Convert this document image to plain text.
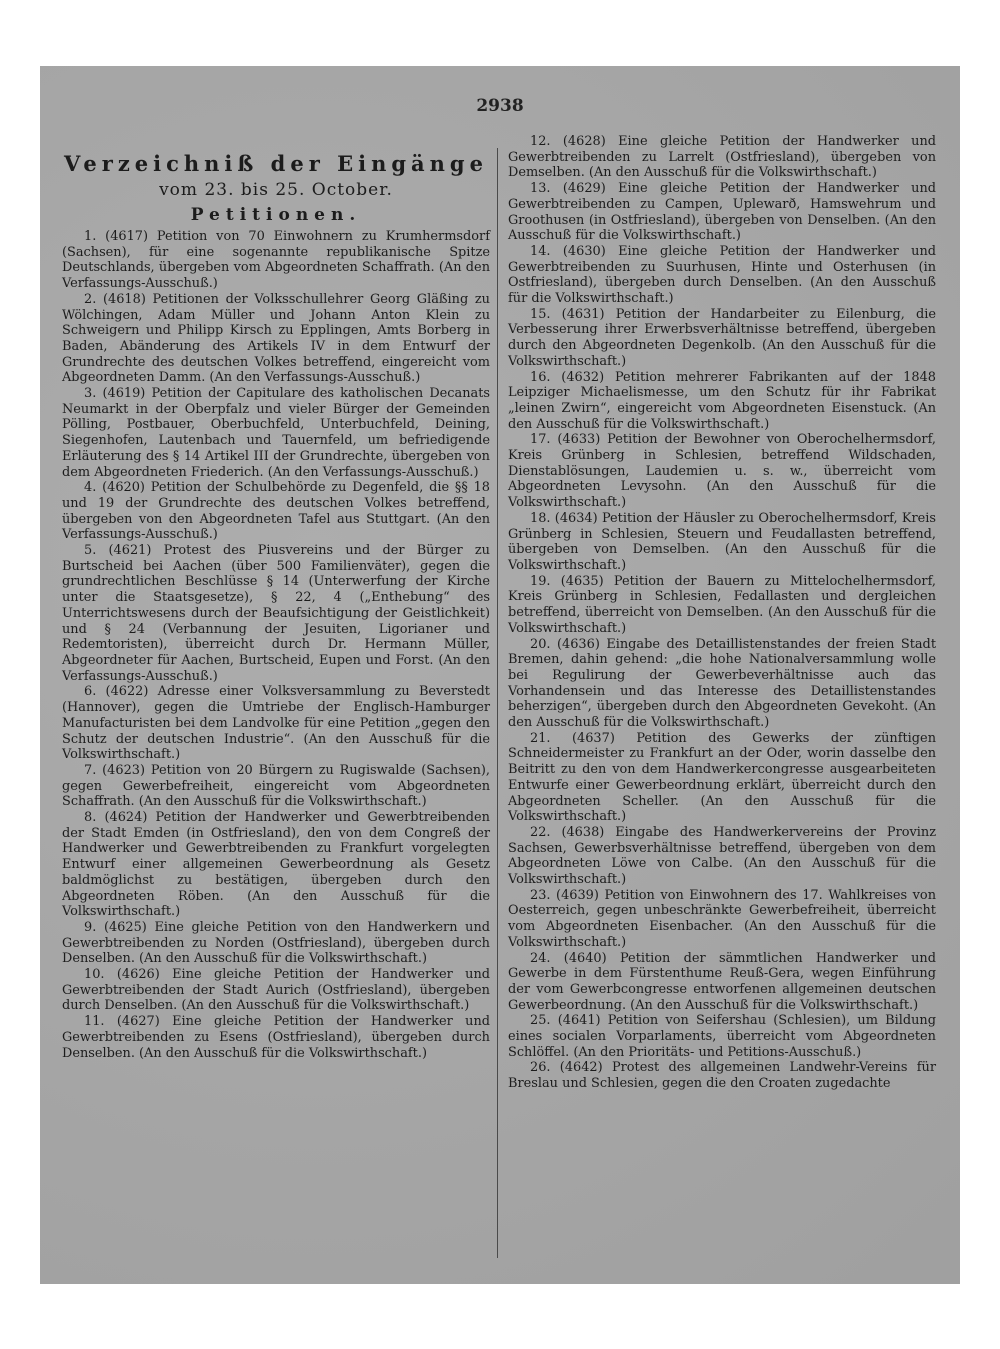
2938
Verzeichniß der Eingänge
vom 23. bis 25. October.
Petitionen.

1. (4617) Petition von 70 Einwohnern zu Krumhermsdorf (Sachsen), für eine sogenannte republikanische Spitze Deutschlands, übergeben vom Abgeordneten Schaffrath. (An den Verfassungs-Ausschuß.)

2. (4618) Petitionen der Volksschullehrer Georg Gläßing zu Wölchingen, Adam Müller und Johann Anton Klein zu Schweigern und Philipp Kirsch zu Epplingen, Amts Borberg in Baden, Abänderung des Artikels IV in dem Entwurf der Grundrechte des deutschen Volkes betreffend, eingereicht vom Abgeordneten Damm. (An den Verfassungs-Ausschuß.)

3. (4619) Petition der Capitulare des katholischen Decanats Neumarkt in der Oberpfalz und vieler Bürger der Gemeinden Pölling, Postbauer, Oberbuchfeld, Unterbuchfeld, Deining, Siegenhofen, Lautenbach und Tauernfeld, um befriedigende Erläuterung des § 14 Artikel III der Grundrechte, übergeben von dem Abgeordneten Friederich. (An den Verfassungs-Ausschuß.)

4. (4620) Petition der Schulbehörde zu Degenfeld, die §§ 18 und 19 der Grundrechte des deutschen Volkes betreffend, übergeben von den Abgeordneten Tafel aus Stuttgart. (An den Verfassungs-Ausschuß.)

5. (4621) Protest des Piusvereins und der Bürger zu Burtscheid bei Aachen (über 500 Familienväter), gegen die grundrechtlichen Beschlüsse § 14 (Unterwerfung der Kirche unter die Staatsgesetze), § 22, 4 („Enthebung“ des Unterrichtswesens durch der Beaufsichtigung der Geistlichkeit) und § 24 (Verbannung der Jesuiten, Ligorianer und Redemtoristen), überreicht durch Dr. Hermann Müller, Abgeordneter für Aachen, Burtscheid, Eupen und Forst. (An den Verfassungs-Ausschuß.)

6. (4622) Adresse einer Volksversammlung zu Beverstedt (Hannover), gegen die Umtriebe der Englisch-Hamburger Manufacturisten bei dem Landvolke für eine Petition „gegen den Schutz der deutschen Industrie“. (An den Ausschuß für die Volkswirthschaft.)

7. (4623) Petition von 20 Bürgern zu Rugiswalde (Sachsen), gegen Gewerbefreiheit, eingereicht vom Abgeordneten Schaffrath. (An den Ausschuß für die Volkswirthschaft.)

8. (4624) Petition der Handwerker und Gewerbtreibenden der Stadt Emden (in Ostfriesland), den von dem Congreß der Handwerker und Gewerbtreibenden zu Frankfurt vorgelegten Entwurf einer allgemeinen Gewerbeordnung als Gesetz baldmöglichst zu bestätigen, übergeben durch den Abgeordneten Röben. (An den Ausschuß für die Volkswirthschaft.)

9. (4625) Eine gleiche Petition von den Handwerkern und Gewerbtreibenden zu Norden (Ostfriesland), übergeben durch Denselben. (An den Ausschuß für die Volkswirthschaft.)

10. (4626) Eine gleiche Petition der Handwerker und Gewerbtreibenden der Stadt Aurich (Ostfriesland), übergeben durch Denselben. (An den Ausschuß für die Volkswirthschaft.)

11. (4627) Eine gleiche Petition der Handwerker und Gewerbtreibenden zu Esens (Ostfriesland), übergeben durch Denselben. (An den Ausschuß für die Volkswirthschaft.)

12. (4628) Eine gleiche Petition der Handwerker und Gewerbtreibenden zu Larrelt (Ostfriesland), übergeben von Demselben. (An den Ausschuß für die Volkswirthschaft.)

13. (4629) Eine gleiche Petition der Handwerker und Gewerbtreibenden zu Campen, Uplewarð, Hamswehrum und Groothusen (in Ostfriesland), übergeben von Denselben. (An den Ausschuß für die Volkswirthschaft.)

14. (4630) Eine gleiche Petition der Handwerker und Gewerbtreibenden zu Suurhusen, Hinte und Osterhusen (in Ostfriesland), übergeben durch Denselben. (An den Ausschuß für die Volkswirthschaft.)

15. (4631) Petition der Handarbeiter zu Eilenburg, die Verbesserung ihrer Erwerbsverhältnisse betreffend, übergeben durch den Abgeordneten Degenkolb. (An den Ausschuß für die Volkswirthschaft.)

16. (4632) Petition mehrerer Fabrikanten auf der 1848 Leipziger Michaelismesse, um den Schutz für ihr Fabrikat „leinen Zwirn“, eingereicht vom Abgeordneten Eisenstuck. (An den Ausschuß für die Volkswirthschaft.)

17. (4633) Petition der Bewohner von Oberochelhermsdorf, Kreis Grünberg in Schlesien, betreffend Wildschaden, Dienstablösungen, Laudemien u. s. w., überreicht vom Abgeordneten Levysohn. (An den Ausschuß für die Volkswirthschaft.)

18. (4634) Petition der Häusler zu Oberochelhermsdorf, Kreis Grünberg in Schlesien, Steuern und Feudallasten betreffend, übergeben von Demselben. (An den Ausschuß für die Volkswirthschaft.)

19. (4635) Petition der Bauern zu Mittelochelhermsdorf, Kreis Grünberg in Schlesien, Fedallasten und dergleichen betreffend, überreicht von Demselben. (An den Ausschuß für die Volkswirthschaft.)

20. (4636) Eingabe des Detaillistenstandes der freien Stadt Bremen, dahin gehend: „die hohe Nationalversammlung wolle bei Regulirung der Gewerbeverhältnisse auch das Vorhandensein und das Interesse des Detaillistenstandes beherzigen“, übergeben durch den Abgeordneten Gevekoht. (An den Ausschuß für die Volkswirthschaft.)

21. (4637) Petition des Gewerks der zünftigen Schneidermeister zu Frankfurt an der Oder, worin dasselbe den Beitritt zu den von dem Handwerkercongresse ausgearbeiteten Entwurfe einer Gewerbeordnung erklärt, überreicht durch den Abgeordneten Scheller. (An den Ausschuß für die Volkswirthschaft.)

22. (4638) Eingabe des Handwerkervereins der Provinz Sachsen, Gewerbsverhältnisse betreffend, übergeben von dem Abgeordneten Löwe von Calbe. (An den Ausschuß für die Volkswirthschaft.)

23. (4639) Petition von Einwohnern des 17. Wahlkreises von Oesterreich, gegen unbeschränkte Gewerbefreiheit, überreicht vom Abgeordneten Eisenbacher. (An den Ausschuß für die Volkswirthschaft.)

24. (4640) Petition der sämmtlichen Handwerker und Gewerbe in dem Fürstenthume Reuß-Gera, wegen Einführung der vom Gewerbcongresse entworfenen allgemeinen deutschen Gewerbeordnung. (An den Ausschuß für die Volkswirthschaft.)

25. (4641) Petition von Seifershau (Schlesien), um Bildung eines socialen Vorparlaments, überreicht vom Abgeordneten Schlöffel. (An den Prioritäts- und Petitions-Ausschuß.)

26. (4642) Protest des allgemeinen Landwehr-Vereins für Breslau und Schlesien, gegen die den Croaten zugedachte
